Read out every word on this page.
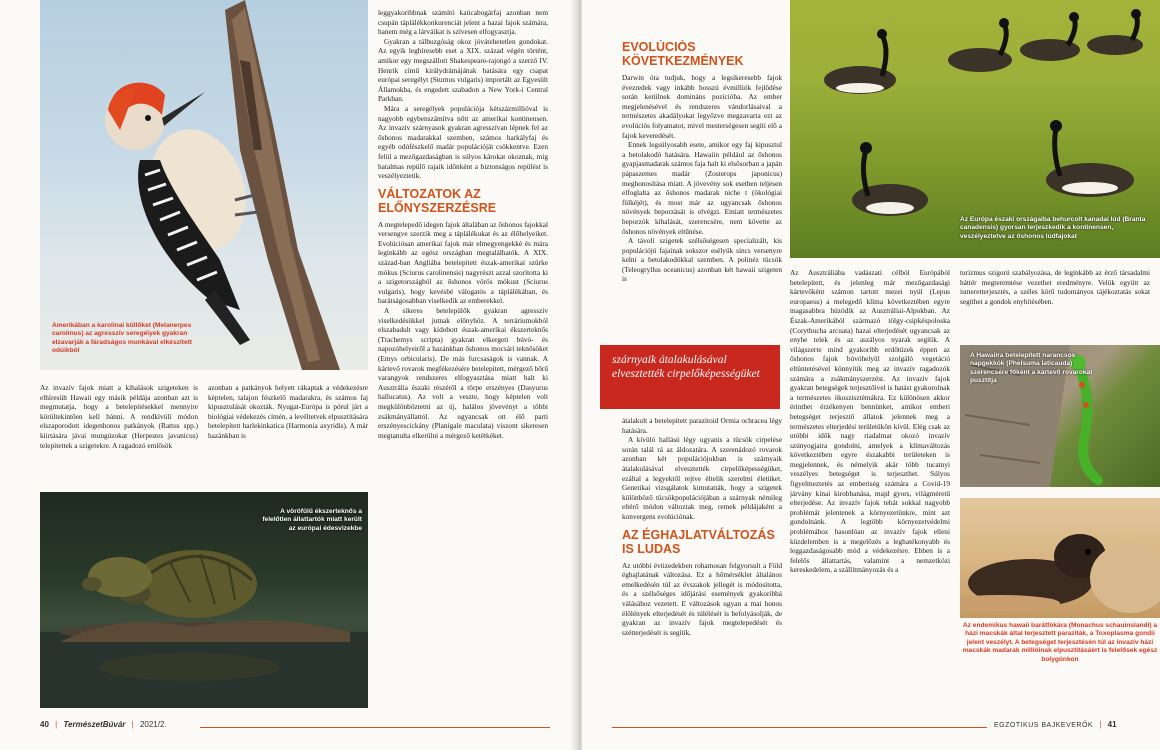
Amerikában a karolinai küllőket (Melanerpes carolinus) az agresszív seregélyek gyakran elzavarják a fáradságos munkával elkészített odúikból
A vöröfülű ékszerteknős a felelőtlen állattartók miatt került az európai édesvizekbe

Az invazív fajok miatt a kihalások szigeteken is elhíresült Hawaii egy másik példája azonban azt is megmutatja, hogy a betelepítésekkel mennyire körültekintően kell bánni. A rendkívüli módon elszaporodott idegenhonos patkányok (Rattus spp.) kiirtására jávai mungúzokat (Herpestes javanicus) telepítettek a szigetekre. A ragadozó emlősök

azonban a patkányok helyett rákaptak a védekezésre képtelen, talajon fészkelő madarakra, és számos faj kipusztulását okozták. Nyugat-Európa is pórul járt a biológiai védekezés címén, a levéltetvek elpusztítására betelepített harlekinkatica (Harmonia axyridis). A már hazánkban is

leggyakoribbnak számító katicabogárfaj azonban nem csupán táplálékkonkurenciát jelent a hazai fajok számára, hanem még a lárváikat is szívesen elfogyasztja.

Gyakran a tálbuzgóság okoz jóvátehetetlen gondokat. Az egyik leghíresebb eset a XIX. század végén történt, amikor egy megszállott Shakespeare-rajongó a szerző IV. Henrik című királydrámájának hatására egy csapat európai seregélyt (Sturnus vulgaris) importált az Egyesült Államokba, és engedett szabadon a New York-i Central Parkban.

Mára a seregélyek populációja kétszázmillióval is nagyobb egybenszámítva nőtt az amerikai kontinensen. Az invazív szárnyasok gyakran agresszívan lépnek fel az őshonos madarakkal szemben, számos harkályfaj és egyéb odúfészkelő madár populációját csökkentve. Ezen felül a mezőgazdaságban is súlyos károkat okoznak, míg hatalmas repülő rajaik időnként a biztonságos repülést is veszélyeztetik.

VÁLTOZATOK AZ ELŐNYSZERZÉSRE

A megtelepedő idegen fajok általában az őshonos fajokkal versengve szerzik meg a táplálékukat és az élőhelyeiket. Evolúciósan amerikai fajok már elmegyengekké és mára leginkább az egész országban megtalálhatók. A XIX. század-ban Angliába betelepített észak-amerikai szürke mókus (Sciurus carolinensis) nagyrészt azzal szorította ki a szigetországból az őshonos vörös mókust (Sciurus vulgaris), hogy kevésbé válogatós a táplálékában, és barátságosabban viselkedik az emberekkel.

A sikeres betelepülők gyakran agresszív viselkedésükkel jutnak előnyhöz. A terráriumokból elszabadult vagy kidobott észak-amerikai ékszerteknős (Trachemys scripta) gyakran elkergeti búvó- és napozóhelyeiről a hazánkban őshonos mocsári teknősöket (Emys orbicularis). De más furcsaságok is vannak. A kártevő rovarok megfékezésére betelepített, mérgező bőrű varangyok rendszeres elfogyasztása miatt halt ki Ausztrália északi részéről a törpe erszényes (Dasyurus hallucatus). Az volt a veszte, hogy képtelen volt megkülönböztetni az új, halálos jövevényt a többi zsákmányállattól. Az ugyancsak ott élő parti erszényescickány (Planigale maculata) viszont sikeresen megtanulta elkerülni a mérgező ketétkéket.

40 | TermészetBúvár | 2021/2.
Az Európa északi országaiba behurcolt kanadai lúd (Branta canadensis) gyorsan terjeszkedik a kontinensen, veszélyeztetve az őshonos lúdfajokat
A Hawaiira betelepített narancsos napgekkók (Phelsuma laticauda) szerencsére főként a kártevő rovarokat pusztítja
Az endemikus hawaii barátfókára (Monachus schauinslandi) a házi macskák által terjesztett paraziták, a Toxoplasma gondii jelent veszélyt. A betegséget terjesztésén túl az invazív házi macskák madarak millióinak elpusztításáért is felelősek egész bolygónkon
EVOLÚCIÓS KÖVETKEZMÉNYEK

Darwin óta tudjuk, hogy a legsikeresebb fajok évezredek vagy inkább hosszú évmilliók fejlődése során kerülnek domináns pozícióba. Az ember megjelenésével és rendszeres vándorlásaival a természetes akadályokat legyőzve megzavarta ezt az evolúciós folyamatot, mivel mesterségesen segíti elő a fajok keveredését.

Ennek legsúlyosabb esete, amikor egy faj kipusztul a betolakodó hatására. Hawaiin például az őshonos gyapjasmadarak számos faja halt ki elsősorban a japán pápaszemes madár (Zosterops japonicus) meghonosítása miatt. A jövevény sok esetben teljesen elfoglalta az őshonos madarak niche t (ökológiai fülkéjét), és most már az ugyancsak őshonos növények beporzását is elvégzi. Emiatt természetes beporzók kihalását, szerencsére, nem követte az őshonos növények eltűnése.

A távoli szigetek szélsőségesen specializált, kis populációjú fajainak sokszor esélyük sincs versenyre kelni a betolakodókkal szemben. A polinéz tücsök (Teleogryllus oceanicus) azonban két hawaii szigeten is

átalakult a betelepített parazitoid Ormia ochracea légy hatására.

A kívüló hallású légy ugyanis a tücsök cirpelése során talál rá az áldozatára. A szerenádozó rovarok azonban két populációjukban is szárnyaik átalakulásával elvesztették cirpelőképességüket, ezáltal a legyektől rejtve éltelik szerelmi életüket. Genetikai vizsgálatok kimutatták, hogy a szigetek különböző tücsökpopulációjában a szárnyak némileg eltérő módon változtak meg, remek példájaként a konvergens evolúciónak.

AZ ÉGHAJLATVÁLTOZÁS IS LUDAS

Az utóbbi évtizedekben rohamosan felgyorsult a Föld éghajlatának változása. Ez a hőmérséklet általános emelkedésén túl az évszakok jellegét is módosította, és a szélsőséges időjárási események gyakoribbá válásához vezetett. E változások ugyan a mai honos élőlények elterjedését és túlélését is befolyásolják, de gyakran az invazív fajok megtelepedését és szétterjedését is segítik.

Az Ausztráliába vadászati célból Európából betelepített, és jelenleg már mezőgazdasági kártevőként számon tartott mezei nyúl (Lepus europaeus) a melegedő klíma következtében egyre magasabbra húzódik az Ausztráliai-Alpokban. Az Észak-Amerikából származó tölgy-csipkéspoloska (Corythucha arcuata) hazai elterjedését ugyancsak az enyhe telek és az aszályos nyarak segítik. A világszerte mind gyakoribb erdőtüzek éppen az őshonos fajok búvóhelyül szolgáló vegetáció eltüntetésével könnyítik meg az invazív ragadozók számára a zsákmányszerzést. Az invazív fajok gyakran betegségek terjesztőivel is hatást gyakorolnak a természetes ökoszisztémákra. Ez különösen akkor érinthet érzékenyen bennünket, amikor emberi betegséget terjesztő állatok jelennek meg a természetes elterjedési területükön kívül. Elég csak az utóbbi idők nagy riadalmat okozó invazív szúnyogjaira gondolni, amelyek a klímaváltozás következtében egyre északabbi területeken is megjelennek, és némelyik akár több tucatnyi veszélyes betegséget is terjeszthet. Súlyos figyelmeztetés az emberiség számára a Covid-19 járvány kínai kirobbanása, majd gyors, világméretű elterjedése. Az invazív fajok tehát sokkal nagyobb problémát jelentenek a környezetünkre, mint azt gondolnánk. A legtöbb környezetvédelmi problémához hasonlóan az invazív fajok elleni küzdelemben is a megelőzés a leghatékonyabb és leggazdaságosabb mód a védekezésre. Ebben is a felelős állattartás, valamint a nemzetközi kereskedelem, a szállítmányozás és a

turizmus szigorú szabályozása, de leginkább az érző társadalmi háttér megteremtése vezethet eredményre. Velük együtt az ismeretterjesztés, a széles körű tudományos tájékoztatás sokat segíthet a gondok enyhítésében.

EGZOTIKUS BAJKEVERŐK | 41
szárnyaik átalakulásával elvesztették cirpelőképességüket
